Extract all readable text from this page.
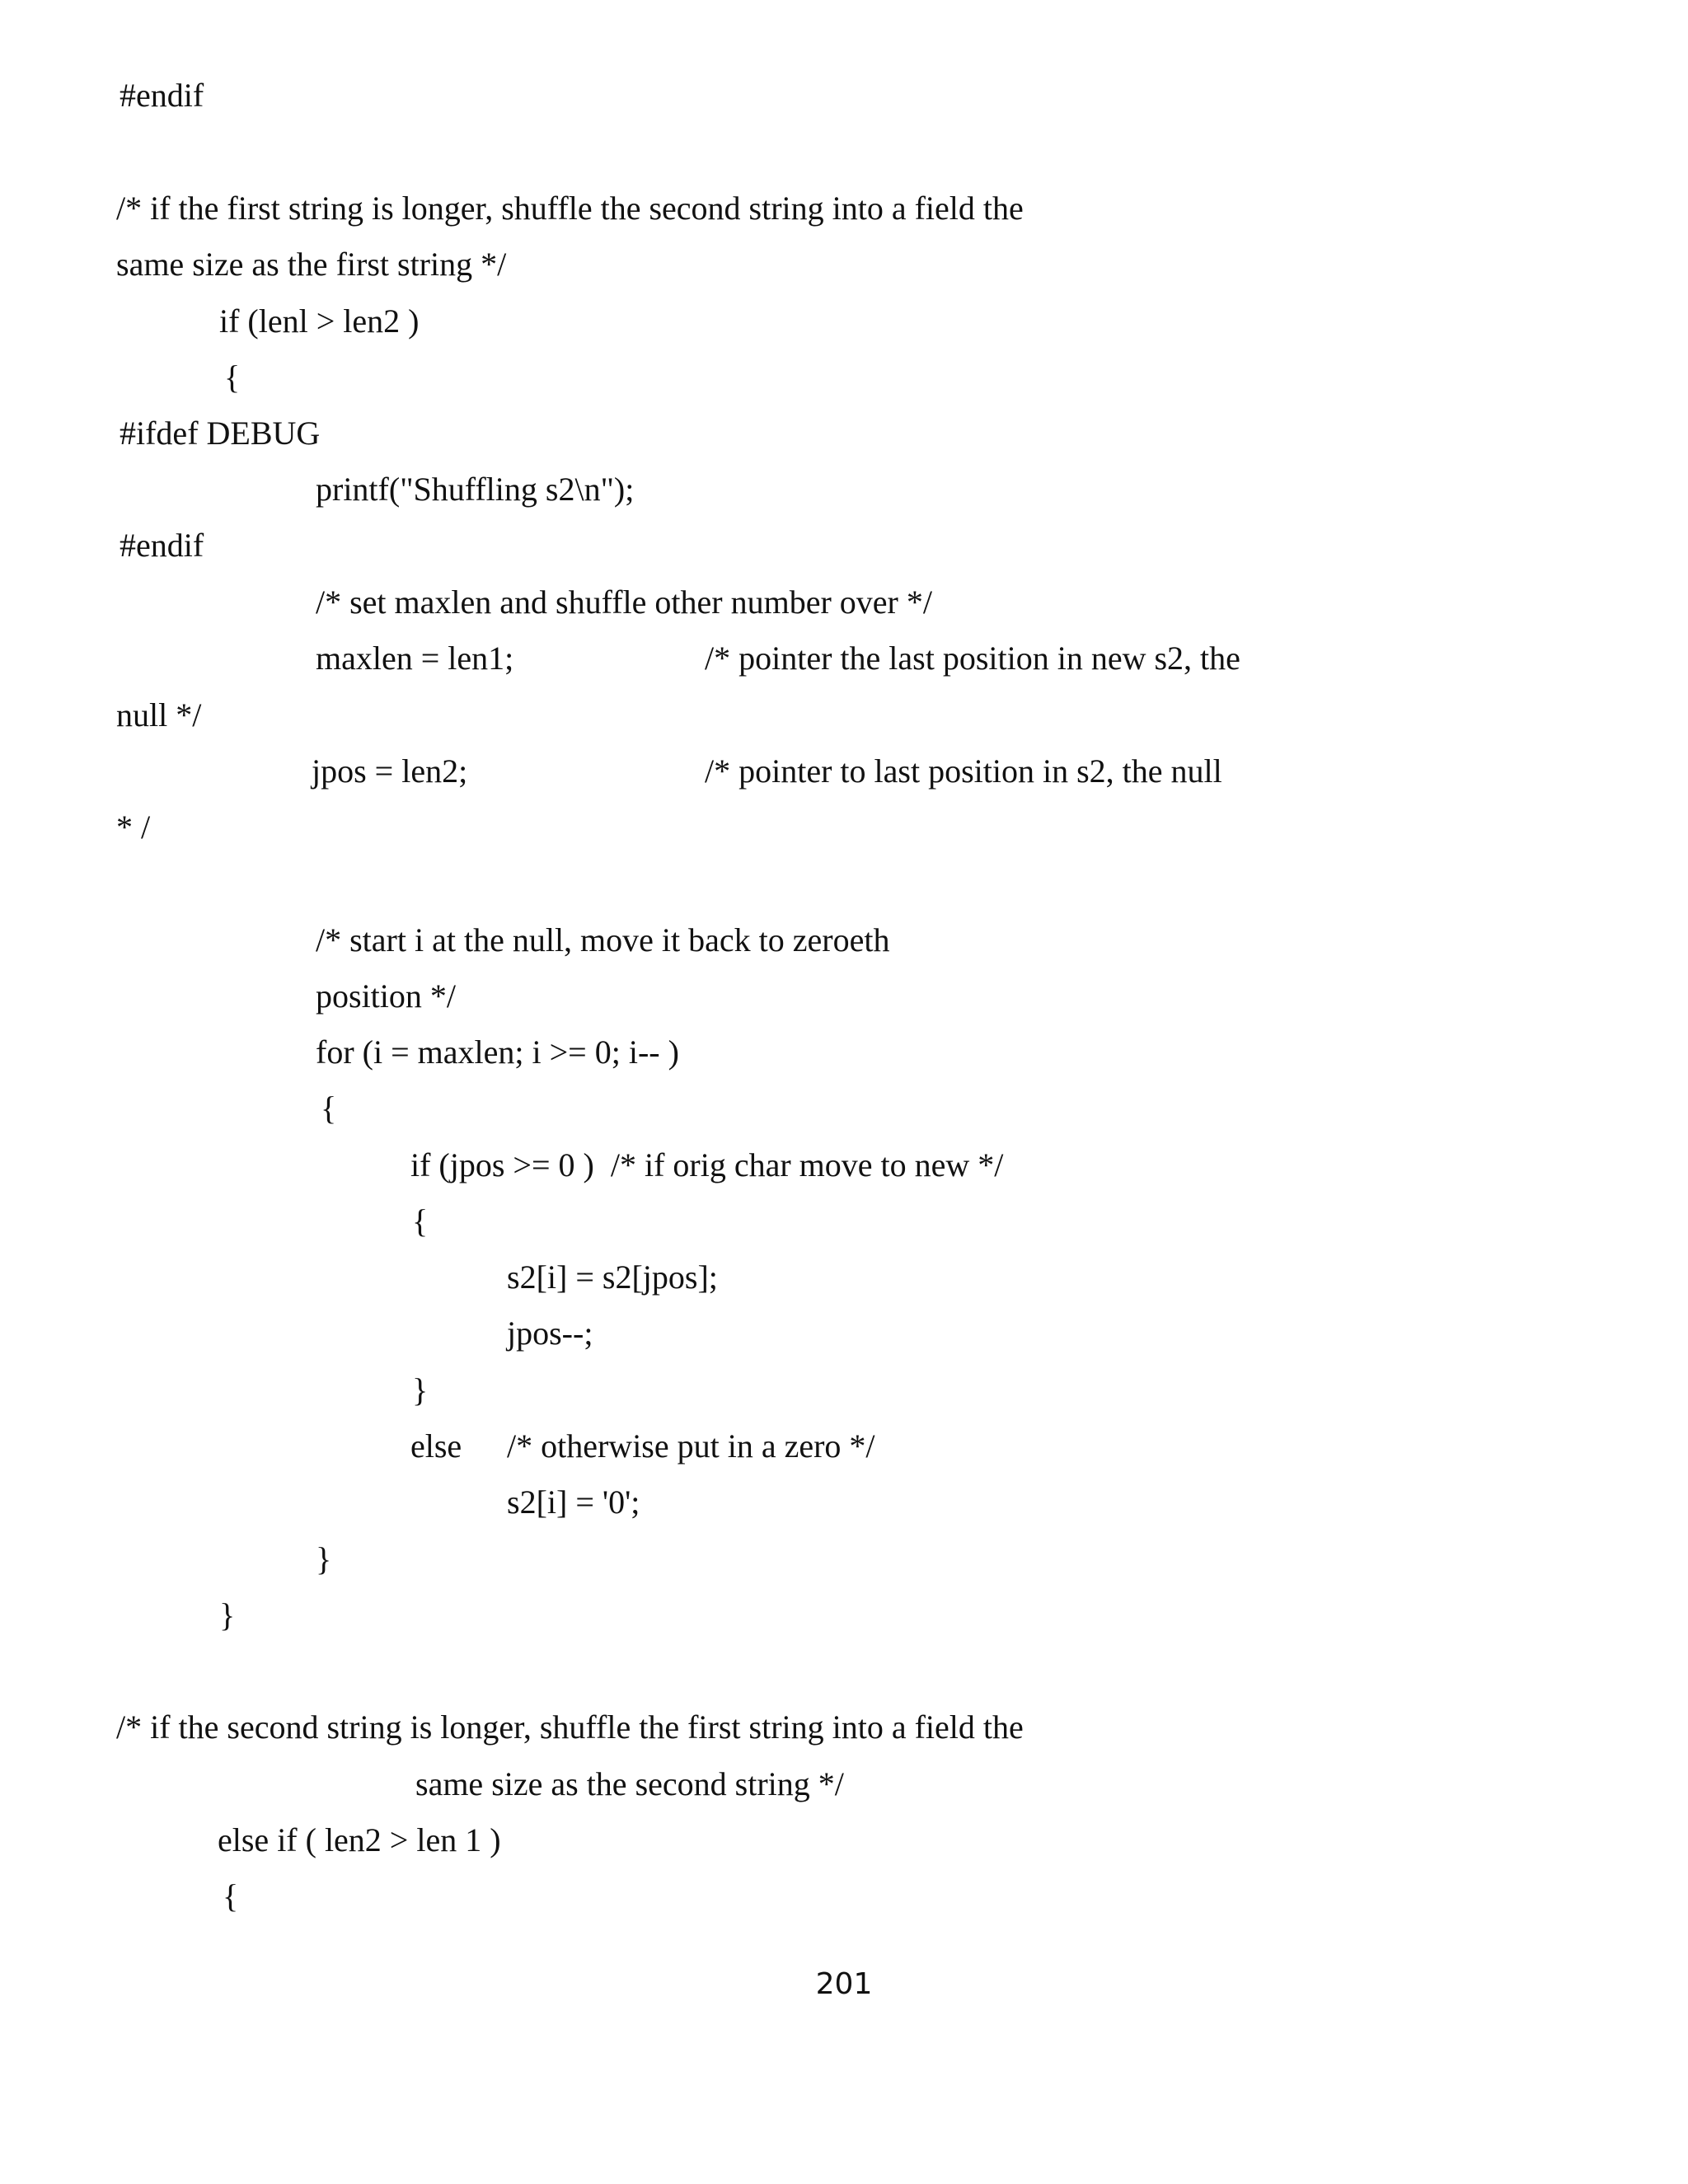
#endif
/* if the first string is longer, shuffle the second string into a field the
same size as the first string */
if (lenl > len2 )
{
#ifdef DEBUG
printf("Shuffling s2\n");
#endif
/* set maxlen and shuffle other number over */
maxlen = len1;	/* pointer the last position in new s2, the
null */
jpos = len2;	/* pointer to last position in s2, the null
* /
/* start i at the null, move it back to zeroeth
position */
for (i = maxlen; i >= 0; i-- )
{
if (jpos >= 0 )  /* if orig char move to new */
{
s2[i] = s2[jpos];
jpos--;
}
else /* otherwise put in a zero */
s2[i] = '0';
}
}
/* if the second string is longer, shuffle the first string into a field the
same size as the second string */
else if ( len2 > len 1 )
{
201
